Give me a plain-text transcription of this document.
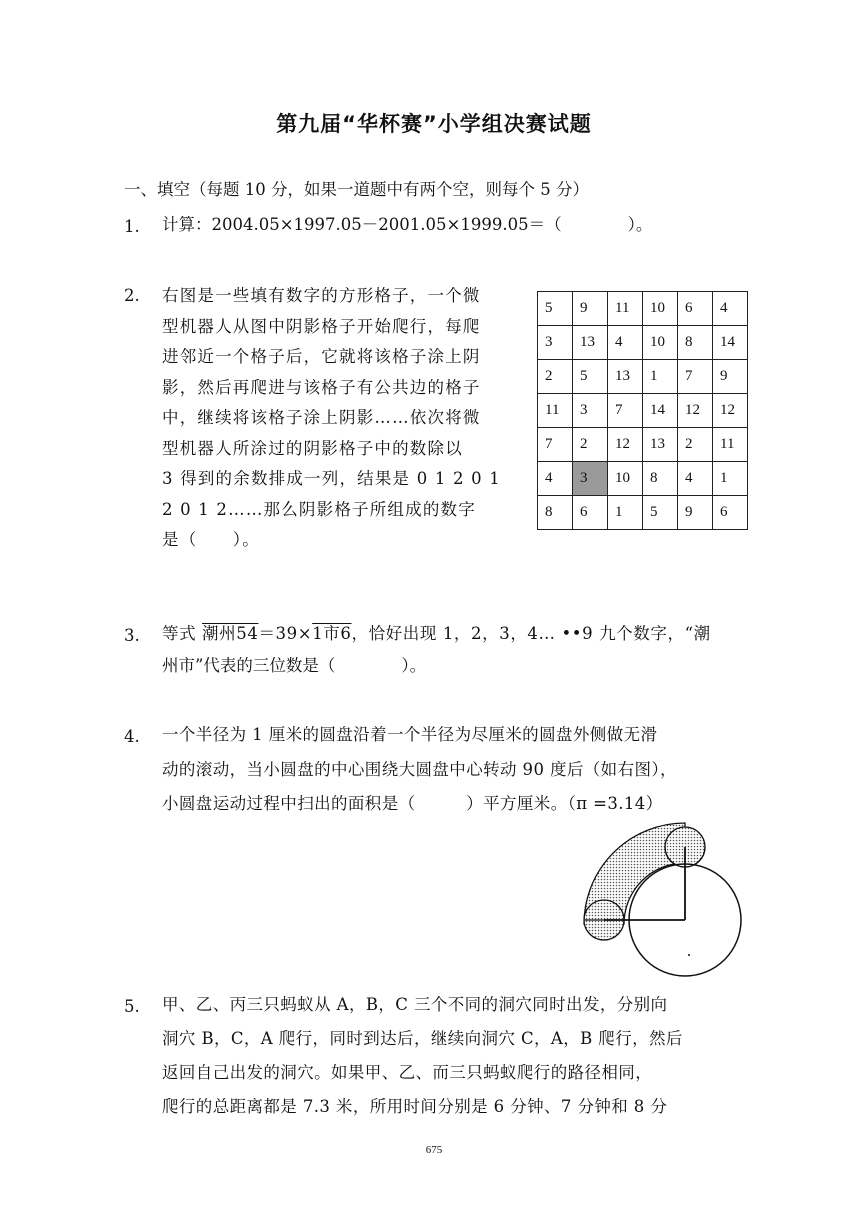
第九届“华杯赛”小学组决赛试题
一、填空（每题 10 分，如果一道题中有两个空，则每个 5 分）
1. 计算：2004.05×1997.05－2001.05×1999.05＝（　　　　）。
2. 右图是一些填有数字的方形格子，一个微
型机器人从图中阴影格子开始爬行，每爬
进邻近一个格子后，它就将该格子涂上阴
影，然后再爬进与该格子有公共边的格子
中，继续将该格子涂上阴影……依次将微
型机器人所涂过的阴影格子中的数除以
3 得到的余数排成一列，结果是 0 1 2 0 1
2 0 1 2……那么阴影格子所组成的数字
是（　　）。
5	9	11	10	6	4
3	13	4	10	8	14
2	5	13	1	7	9
11	3	7	14	12	12
7	2	12	13	2	11
4	3	10	8	4	1
8	6	1	5	9	6
3. 等式 潮州54＝39×1市6，恰好出现 1，2，3，4… ••9 九个数字，“潮
州市”代表的三位数是（　　　　）。
4. 一个半径为 1 厘米的圆盘沿着一个半径为尽厘米的圆盘外侧做无滑
动的滚动，当小圆盘的中心围绕大圆盘中心转动 90 度后（如右图），
小圆盘运动过程中扫出的面积是（　　　）平方厘米。（π =3.14）
5. 甲、乙、丙三只蚂蚁从 A，B，C 三个不同的洞穴同时出发，分别向
洞穴 B，C，A 爬行，同时到达后，继续向洞穴 C，A，B 爬行，然后
返回自己出发的洞穴。如果甲、乙、而三只蚂蚁爬行的路径相同，
爬行的总距离都是 7.3 米，所用时间分别是 6 分钟、7 分钟和 8 分
675
